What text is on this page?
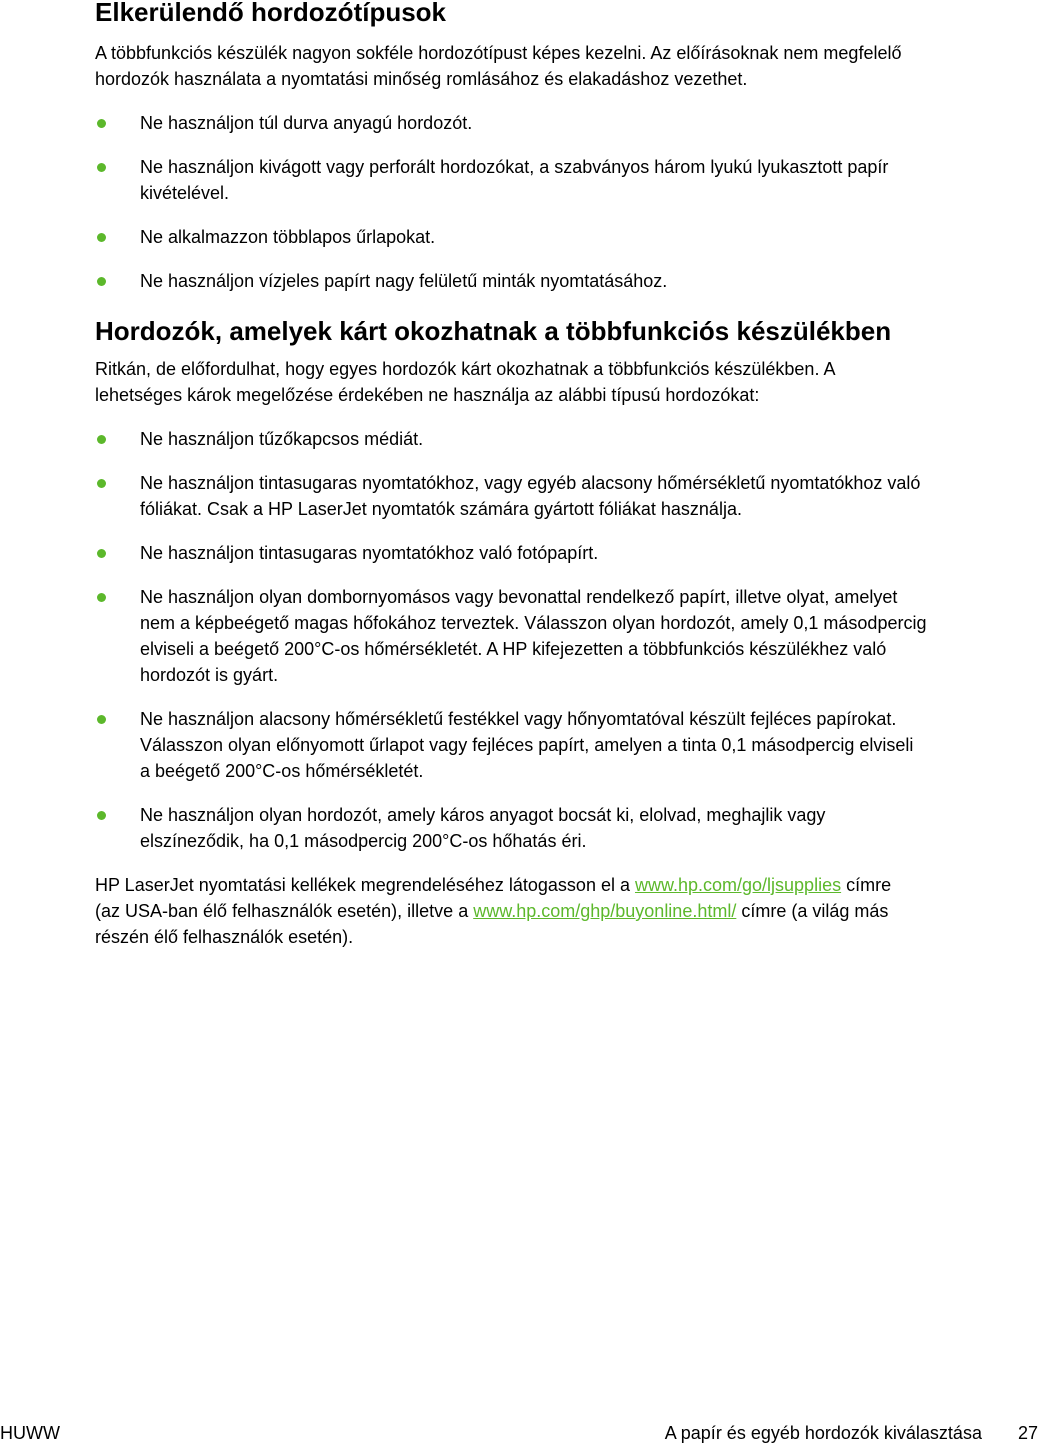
Elkerülendő hordozótípusok

A többfunkciós készülék nagyon sokféle hordozótípust képes kezelni. Az előírásoknak nem megfelelő
hordozók használata a nyomtatási minőség romlásához és elakadáshoz vezethet.

Ne használjon túl durva anyagú hordozót.
Ne használjon kivágott vagy perforált hordozókat, a szabványos három lyukú lyukasztott papír
kivételével.
Ne alkalmazzon többlapos űrlapokat.
Ne használjon vízjeles papírt nagy felületű minták nyomtatásához.
Hordozók, amelyek kárt okozhatnak a többfunkciós készülékben

Ritkán, de előfordulhat, hogy egyes hordozók kárt okozhatnak a többfunkciós készülékben. A
lehetséges károk megelőzése érdekében ne használja az alábbi típusú hordozókat:

Ne használjon tűzőkapcsos médiát.
Ne használjon tintasugaras nyomtatókhoz, vagy egyéb alacsony hőmérsékletű nyomtatókhoz való
fóliákat. Csak a HP LaserJet nyomtatók számára gyártott fóliákat használja.
Ne használjon tintasugaras nyomtatókhoz való fotópapírt.
Ne használjon olyan dombornyomásos vagy bevonattal rendelkező papírt, illetve olyat, amelyet
nem a képbeégető magas hőfokához terveztek. Válasszon olyan hordozót, amely 0,1 másodpercig
elviseli a beégető 200°C-os hőmérsékletét. A HP kifejezetten a többfunkciós készülékhez való
hordozót is gyárt.
Ne használjon alacsony hőmérsékletű festékkel vagy hőnyomtatóval készült fejléces papírokat.
Válasszon olyan előnyomott űrlapot vagy fejléces papírt, amelyen a tinta 0,1 másodpercig elviseli
a beégető 200°C-os hőmérsékletét.
Ne használjon olyan hordozót, amely káros anyagot bocsát ki, elolvad, meghajlik vagy
elszíneződik, ha 0,1 másodpercig 200°C-os hőhatás éri.

HP LaserJet nyomtatási kellékek megrendeléséhez látogasson el a www.hp.com/go/ljsupplies címre
(az USA-ban élő felhasználók esetén), illetve a www.hp.com/ghp/buyonline.html/ címre (a világ más
részén élő felhasználók esetén).

HUWW	A papír és egyéb hordozók kiválasztása 27
